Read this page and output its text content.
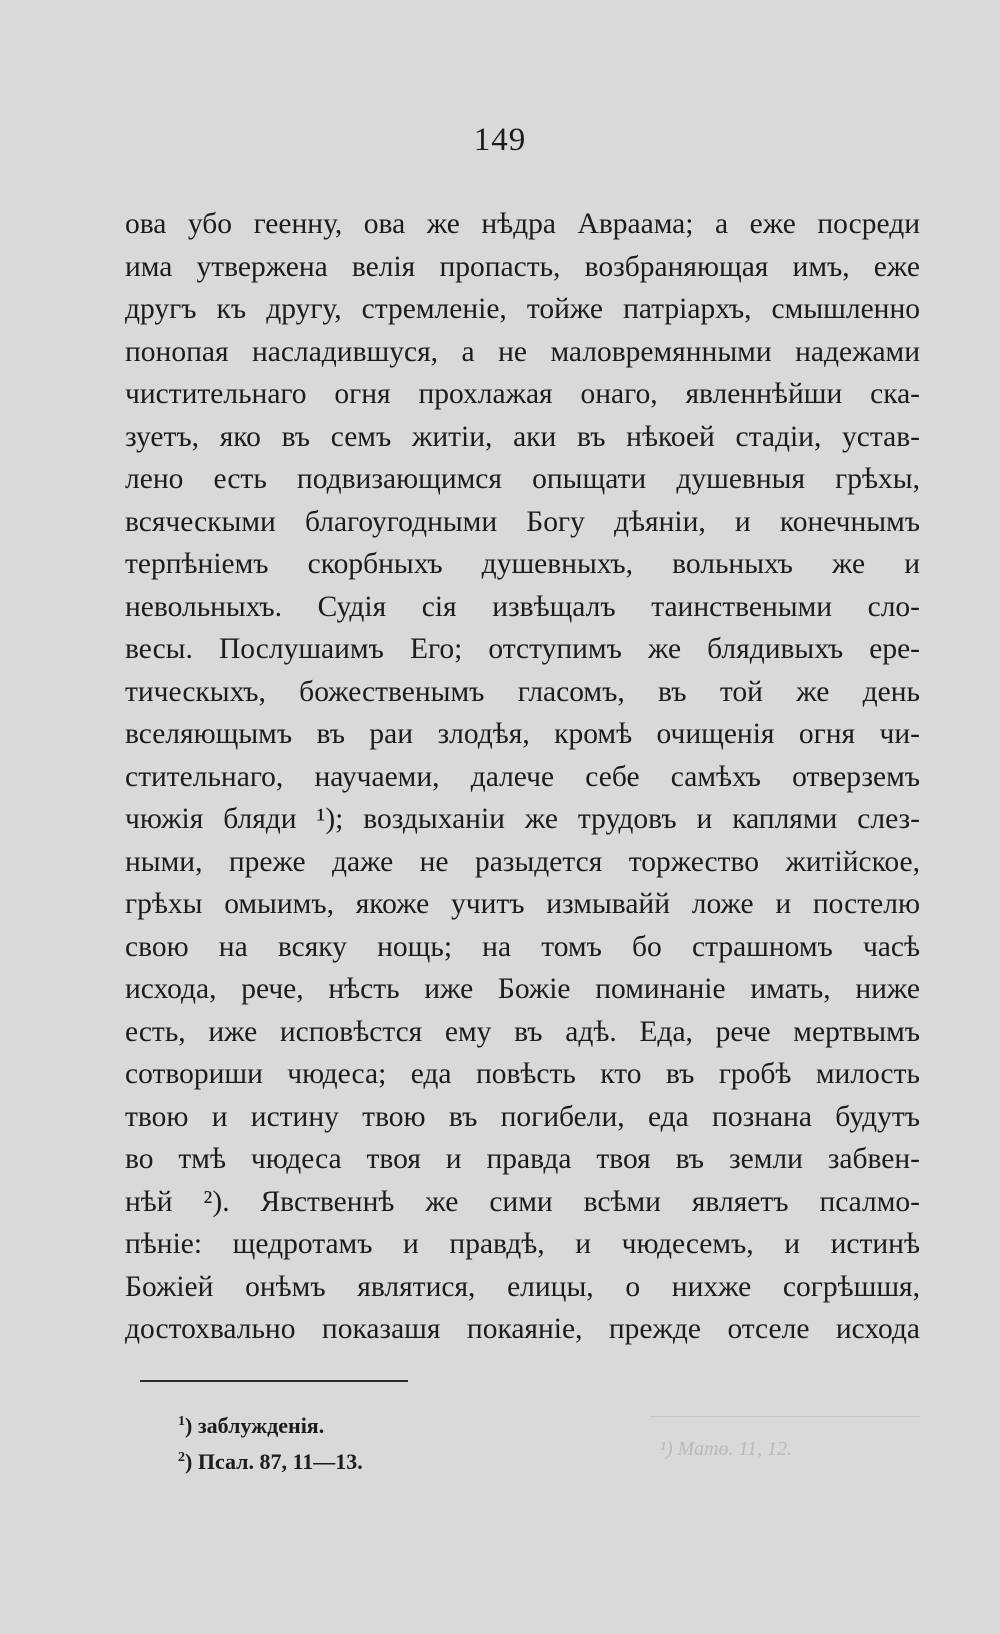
149
ова убо геенну, ова же нѣдра Авраама; а еже посреди
има утвержена велія пропасть, возбраняющая имъ, еже
другъ къ другу, стремленіе, тойже патріархъ, смышленно
понопая насладившуся, а не маловремянными надежами
чистительнаго огня прохлажая онаго, явленнѣйши ска-
зуетъ, яко въ семъ житіи, аки въ нѣкоей стадіи, устав-
лено есть подвизающимся опыщати душевныя грѣхы,
всяческыми благоугодными Богу дѣяніи, и конечнымъ
терпѣніемъ скорбныхъ душевныхъ, вольныхъ же и
невольныхъ. Судія сія извѣщалъ таинствеными сло-
весы. Послушаимъ Его; отступимъ же блядивыхъ ере-
тическыхъ, божественымъ гласомъ, въ той же день
вселяющымъ въ раи злодѣя, кромѣ очищенія огня чи-
стительнаго, научаеми, далече себе самѣхъ отверземъ
чюжія бляди ¹); воздыханіи же трудовъ и каплями слез-
ными, преже даже не разыдется торжество житійское,
грѣхы омыимъ, якоже учитъ измывайй ложе и постелю
свою на всяку нощь; на томъ бо страшномъ часѣ
исхода, рече, нѣсть иже Божіе поминаніе имать, ниже
есть, иже исповѣстся ему въ адѣ. Еда, рече мертвымъ
сотвориши чюдеса; еда повѣсть кто въ гробѣ милость
твою и истину твою въ погибели, еда познана будутъ
во тмѣ чюдеса твоя и правда твоя въ земли забвен-
нѣй ²). Явственнѣ же сими всѣми являетъ псалмо-
пѣніе: щедротамъ и правдѣ, и чюдесемъ, и истинѣ
Божіей онѣмъ являтися, елицы, о нихже согрѣшшя,
достохвально показашя покаяніе, прежде отселе исхода
$^1$) заблужденія.
$^2$) Псал. 87, 11—13.	¹) Матө. 11, 12.
